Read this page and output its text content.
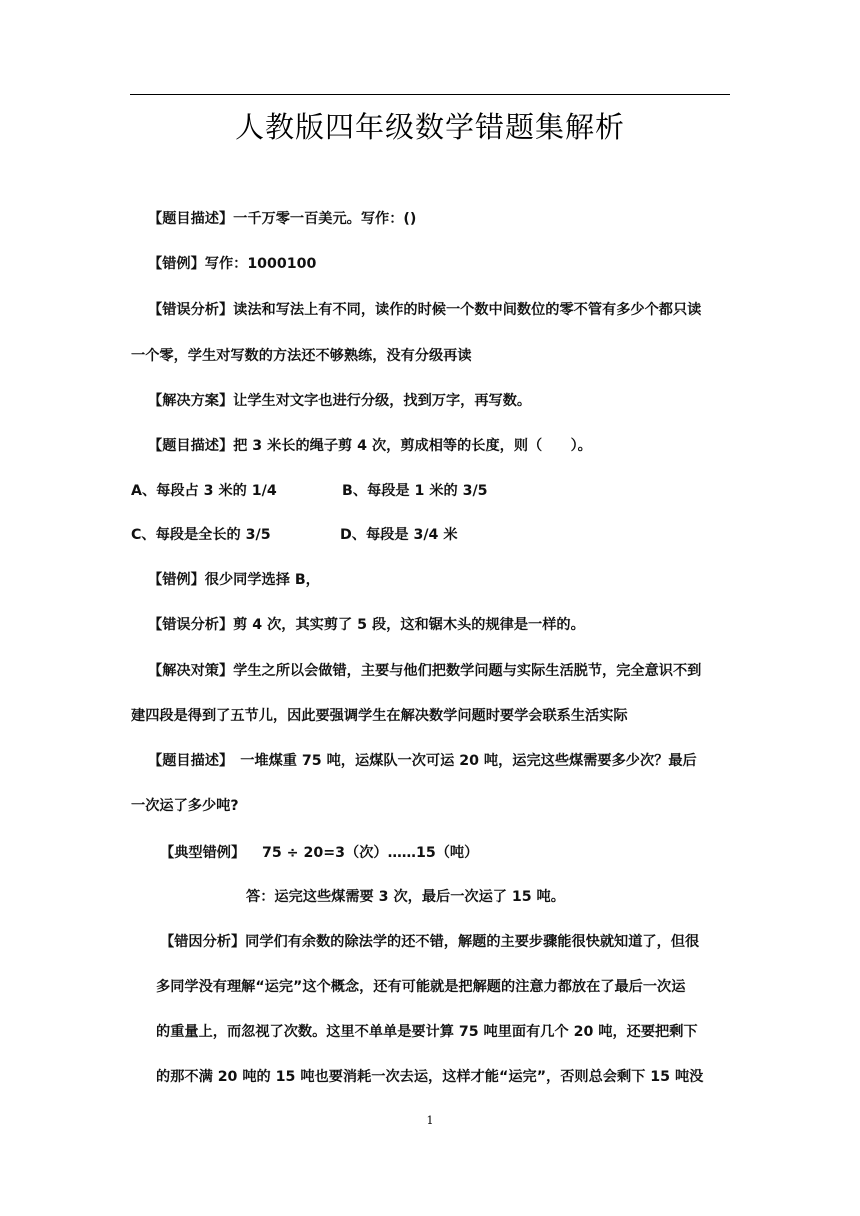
人教版四年级数学错题集解析
【题目描述】一千万零一百美元。写作：()
【错例】写作：1000100
【错误分析】读法和写法上有不同，读作的时候一个数中间数位的零不管有多少个都只读
一个零，学生对写数的方法还不够熟练，没有分级再读
【解决方案】让学生对文字也进行分级，找到万字，再写数。
【题目描述】把 3 米长的绳子剪 4 次，剪成相等的长度，则（　　）。
A、每段占 3 米的 1/4	B、每段是 1 米的 3/5
C、每段是全长的 3/5	D、每段是 3/4 米
【错例】很少同学选择 B，
【错误分析】剪 4 次，其实剪了 5 段，这和锯木头的规律是一样的。
【解决对策】学生之所以会做错，主要与他们把数学问题与实际生活脱节，完全意识不到
建四段是得到了五节儿，因此要强调学生在解决数学问题时要学会联系生活实际
【题目描述】　一堆煤重 75 吨，运煤队一次可运 20 吨，运完这些煤需要多少次？最后
一次运了多少吨?
【典型错例】 75 ÷ 20=3（次）……15（吨）
答：运完这些煤需要 3 次，最后一次运了 15 吨。
【错因分析】同学们有余数的除法学的还不错，解题的主要步骤能很快就知道了，但很
多同学没有理解“运完”这个概念，还有可能就是把解题的注意力都放在了最后一次运
的重量上，而忽视了次数。这里不单单是要计算 75 吨里面有几个 20 吨，还要把剩下
的那不满 20 吨的 15 吨也要消耗一次去运，这样才能“运完”，否则总会剩下 15 吨没
1
